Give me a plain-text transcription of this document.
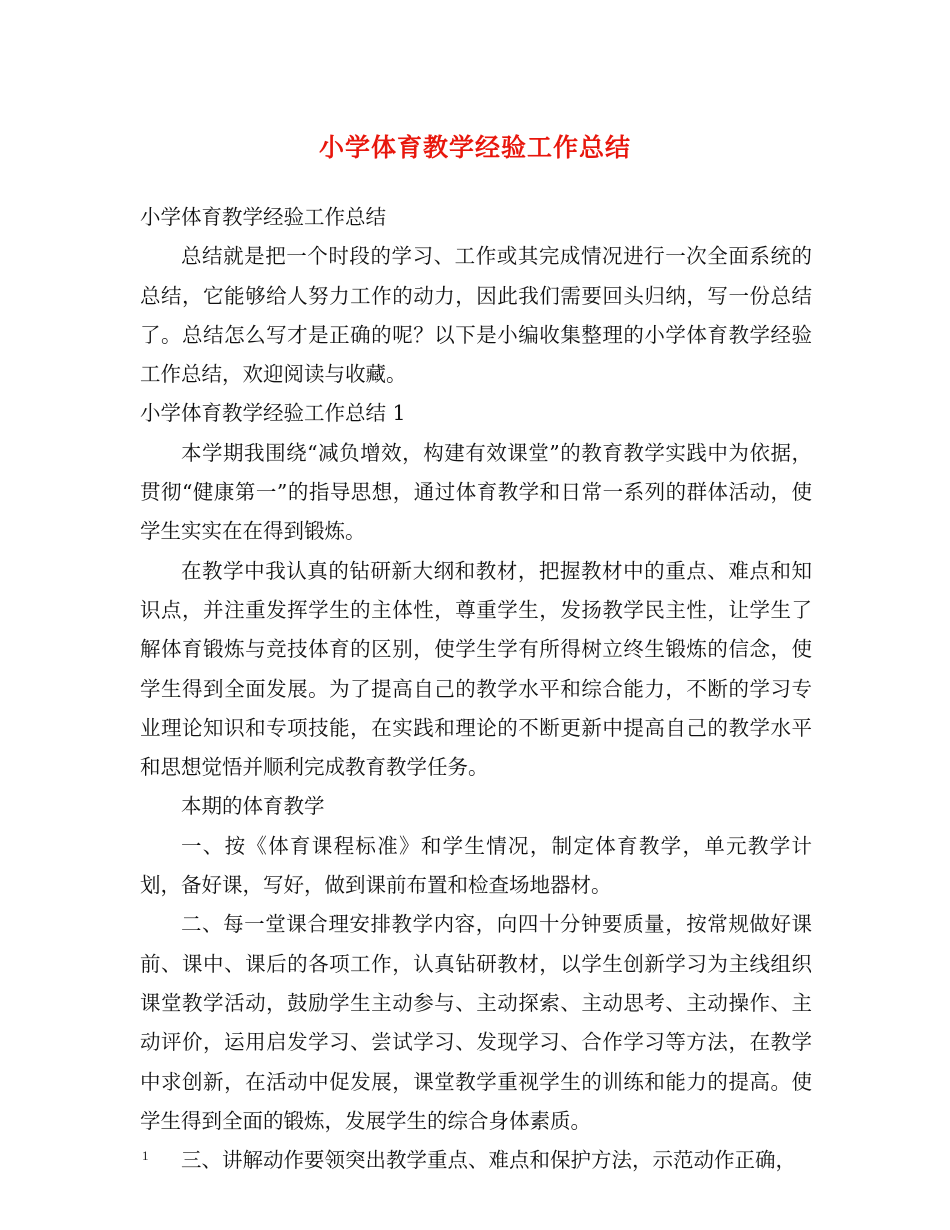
小学体育教学经验工作总结

小学体育教学经验工作总结

总结就是把一个时段的学习、工作或其完成情况进行一次全面系统的总结，它能够给人努力工作的动力，因此我们需要回头归纳，写一份总结了。总结怎么写才是正确的呢？以下是小编收集整理的小学体育教学经验工作总结，欢迎阅读与收藏。

小学体育教学经验工作总结 1

本学期我围绕“减负增效，构建有效课堂”的教育教学实践中为依据，贯彻“健康第一”的指导思想，通过体育教学和日常一系列的群体活动，使学生实实在在得到锻炼。

在教学中我认真的钻研新大纲和教材，把握教材中的重点、难点和知识点，并注重发挥学生的主体性，尊重学生，发扬教学民主性，让学生了解体育锻炼与竞技体育的区别，使学生学有所得树立终生锻炼的信念，使学生得到全面发展。为了提高自己的教学水平和综合能力，不断的学习专业理论知识和专项技能，在实践和理论的不断更新中提高自己的教学水平和思想觉悟并顺利完成教育教学任务。

本期的体育教学

一、按《体育课程标准》和学生情况，制定体育教学，单元教学计划，备好课，写好，做到课前布置和检查场地器材。

二、每一堂课合理安排教学内容，向四十分钟要质量，按常规做好课前、课中、课后的各项工作，认真钻研教材，以学生创新学习为主线组织课堂教学活动，鼓励学生主动参与、主动探索、主动思考、主动操作、主动评价，运用启发学习、尝试学习、发现学习、合作学习等方法，在教学中求创新，在活动中促发展，课堂教学重视学生的训练和能力的提高。使学生得到全面的锻炼，发展学生的综合身体素质。

三、讲解动作要领突出教学重点、难点和保护方法，示范动作正确，

1
